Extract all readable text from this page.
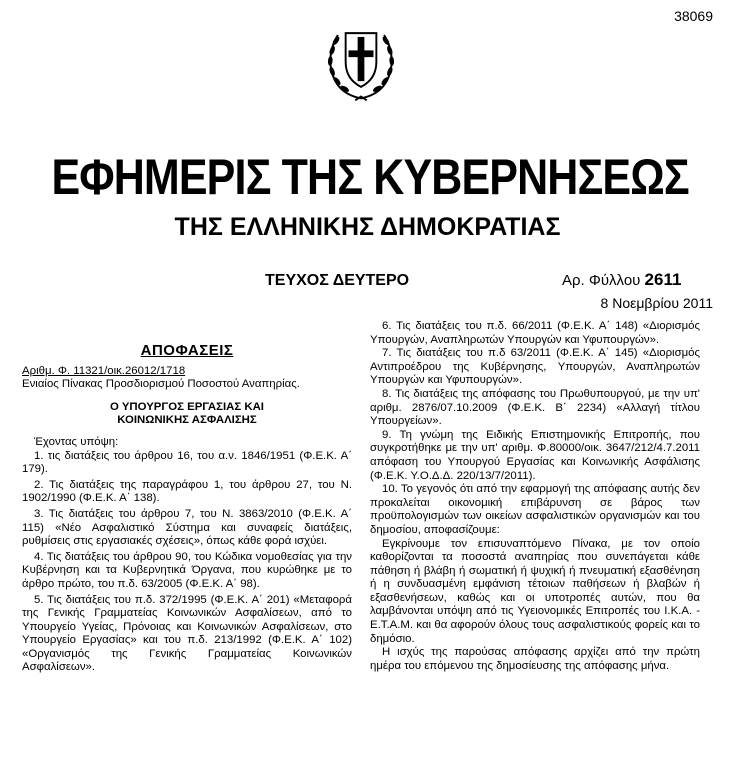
38069
ΕΦΗΜΕΡΙΣ ΤΗΣ ΚΥΒΕΡΝΗΣΕΩΣ
ΤΗΣ ΕΛΛΗΝΙΚΗΣ ΔΗΜΟΚΡΑΤΙΑΣ
ΤΕΥΧΟΣ ΔΕΥΤΕΡΟ	Αρ. Φύλλου 2611
8 Νοεμβρίου 2011
ΑΠΟΦΑΣΕΙΣ

Αριθμ. Φ. 11321/οικ.26012/1718

Ενιαίος Πίνακας Προσδιορισμού Ποσοστού Αναπηρίας.

Ο ΥΠΟΥΡΓΟΣ ΕΡΓΑΣΙΑΣ ΚΑΙ
ΚΟΙΝΩΝΙΚΗΣ ΑΣΦΑΛΙΣΗΣ

Έχοντας υπόψη:

1. τις διατάξεις του άρθρου 16, του α.ν. 1846/1951 (Φ.Ε.Κ. Α΄ 179).

2. Τις διατάξεις της παραγράφου 1, του άρθρου 27, του Ν. 1902/1990 (Φ.Ε.Κ. Α΄ 138).

3. Τις διατάξεις του άρθρου 7, του Ν. 3863/2010 (Φ.Ε.Κ. Α΄ 115) «Νέο Ασφαλιστικό Σύστημα και συναφείς διατάξεις, ρυθμίσεις στις εργασιακές σχέσεις», όπως κάθε φορά ισχύει.

4. Τις διατάξεις του άρθρου 90, του Κώδικα νομοθεσίας για την Κυβέρνηση και τα Κυβερνητικά Όργανα, που κυρώθηκε με το άρθρο πρώτο, του π.δ. 63/2005 (Φ.Ε.Κ. Α΄ 98).

5. Τις διατάξεις του π.δ. 372/1995 (Φ.Ε.Κ. Α΄ 201) «Μεταφορά της Γενικής Γραμματείας Κοινωνικών Ασφαλίσεων, από το Υπουργείο Υγείας, Πρόνοιας και Κοινωνικών Ασφαλίσεων, στο Υπουργείο Εργασίας» και του π.δ. 213/1992 (Φ.Ε.Κ. Α΄ 102) «Οργανισμός της Γενικής Γραμματείας Κοινωνικών Ασφαλίσεων».

6. Τις διατάξεις του π.δ. 66/2011 (Φ.Ε.Κ. Α΄ 148) «Διορισμός Υπουργών, Αναπληρωτών Υπουργών και Υφυπουργών».

7. Τις διατάξεις του π.δ 63/2011 (Φ.Ε.Κ. Α΄ 145) «Διορισμός Αντιπροέδρου της Κυβέρνησης, Υπουργών, Αναπληρωτών Υπουργών και Υφυπουργών».

8. Τις διατάξεις της απόφασης του Πρωθυπουργού, με την υπ' αριθμ. 2876/07.10.2009 (Φ.Ε.Κ. Β΄ 2234) «Αλλαγή τίτλου Υπουργείων».

9. Τη γνώμη της Ειδικής Επιστημονικής Επιτροπής, που συγκροτήθηκε με την υπ' αριθμ. Φ.80000/οικ. 3647/212/4.7.2011 απόφαση του Υπουργού Εργασίας και Κοινωνικής Ασφάλισης (Φ.Ε.Κ. Υ.Ο.Δ.Δ. 220/13/7/2011).

10. Το γεγονός ότι από την εφαρμογή της απόφασης αυτής δεν προκαλείται οικονομική επιβάρυνση σε βάρος των προϋπολογισμών των οικείων ασφαλιστικών οργανισμών και του δημοσίου, αποφασίζουμε:

Εγκρίνουμε τον επισυναπτόμενο Πίνακα, με τον οποίο καθορίζονται τα ποσοστά αναπηρίας που συνεπάγεται κάθε πάθηση ή βλάβη ή σωματική ή ψυχική ή πνευματική εξασθένηση ή η συνδυασμένη εμφάνιση τέτοιων παθήσεων ή βλαβών ή εξασθενήσεων, καθώς και οι υποτροπές αυτών, που θα λαμβάνονται υπόψη από τις Υγειονομικές Επιτροπές του Ι.Κ.Α. - Ε.Τ.Α.Μ. και θα αφορούν όλους τους ασφαλιστικούς φορείς και το δημόσιο.

Η ισχύς της παρούσας απόφασης αρχίζει από την πρώτη ημέρα του επόμενου της δημοσίευσης της απόφασης μήνα.
